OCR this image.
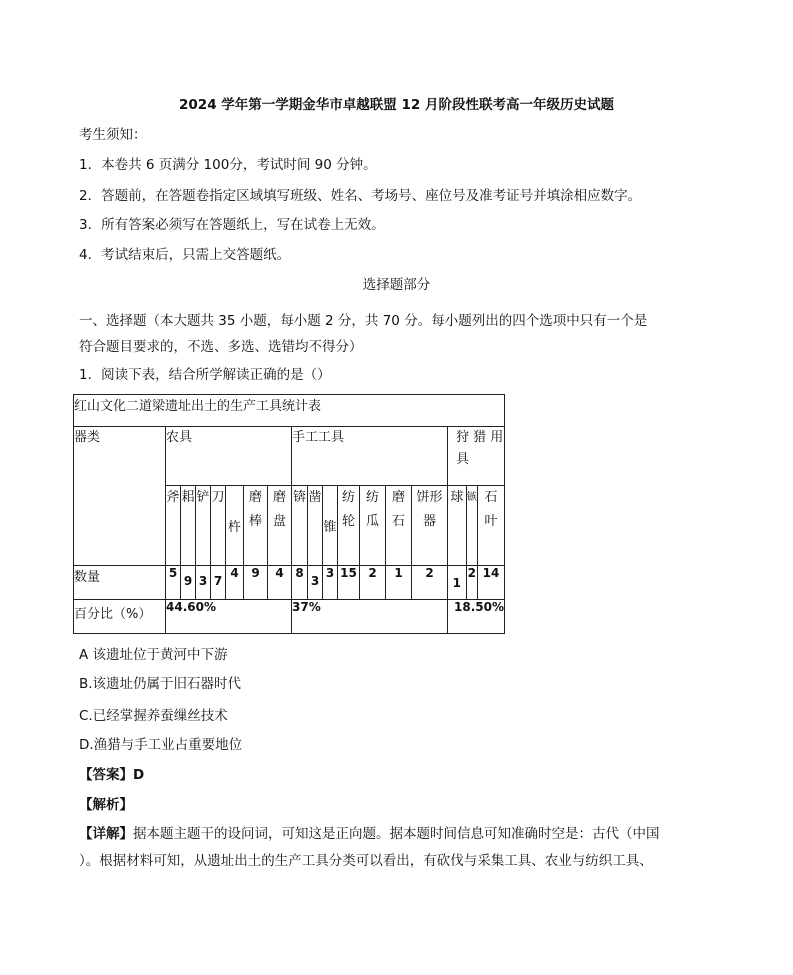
2024 学年第一学期金华市卓越联盟 12 月阶段性联考高一年级历史试题
考生须知：
1．本卷共 6 页满分 100分，考试时间 90 分钟。
2．答题前，在答题卷指定区域填写班级、姓名、考场号、座位号及准考证号并填涂相应数字。
3．所有答案必须写在答题纸上，写在试卷上无效。
4．考试结束后，只需上交答题纸。
选择题部分
一、选择题（本大题共 35 小题，每小题 2 分，共 70 分。每小题列出的四个选项中只有一个是
符合题目要求的，不选、多选、选错均不得分）
1．阅读下表，结合所学解读正确的是（）
红山文化二道梁遗址出土的生产工具统计表																	
器类	农具							手工工具							狩 猎 用具		
	斧	耜	铲	刀	杵	磨棒	磨盘	锛	凿	锥	纺轮	纺瓜	磨石	饼形器	球	镞	石叶
数量	5	9	3	7	4	9	4	8	3	3	15	2	1	2	1	2	14
百分比（%）	44.60%							37%							18.50%		
A 该遗址位于黄河中下游
B.该遗址仍属于旧石器时代
C.已经掌握养蚕缫丝技术
D.渔猎与手工业占重要地位
【答案】D
【解析】
【详解】据本题主题干的设问词，可知这是正向题。据本题时间信息可知准确时空是：古代（中国
）。根据材料可知，从遗址出土的生产工具分类可以看出，有砍伐与采集工具、农业与纺织工具、
